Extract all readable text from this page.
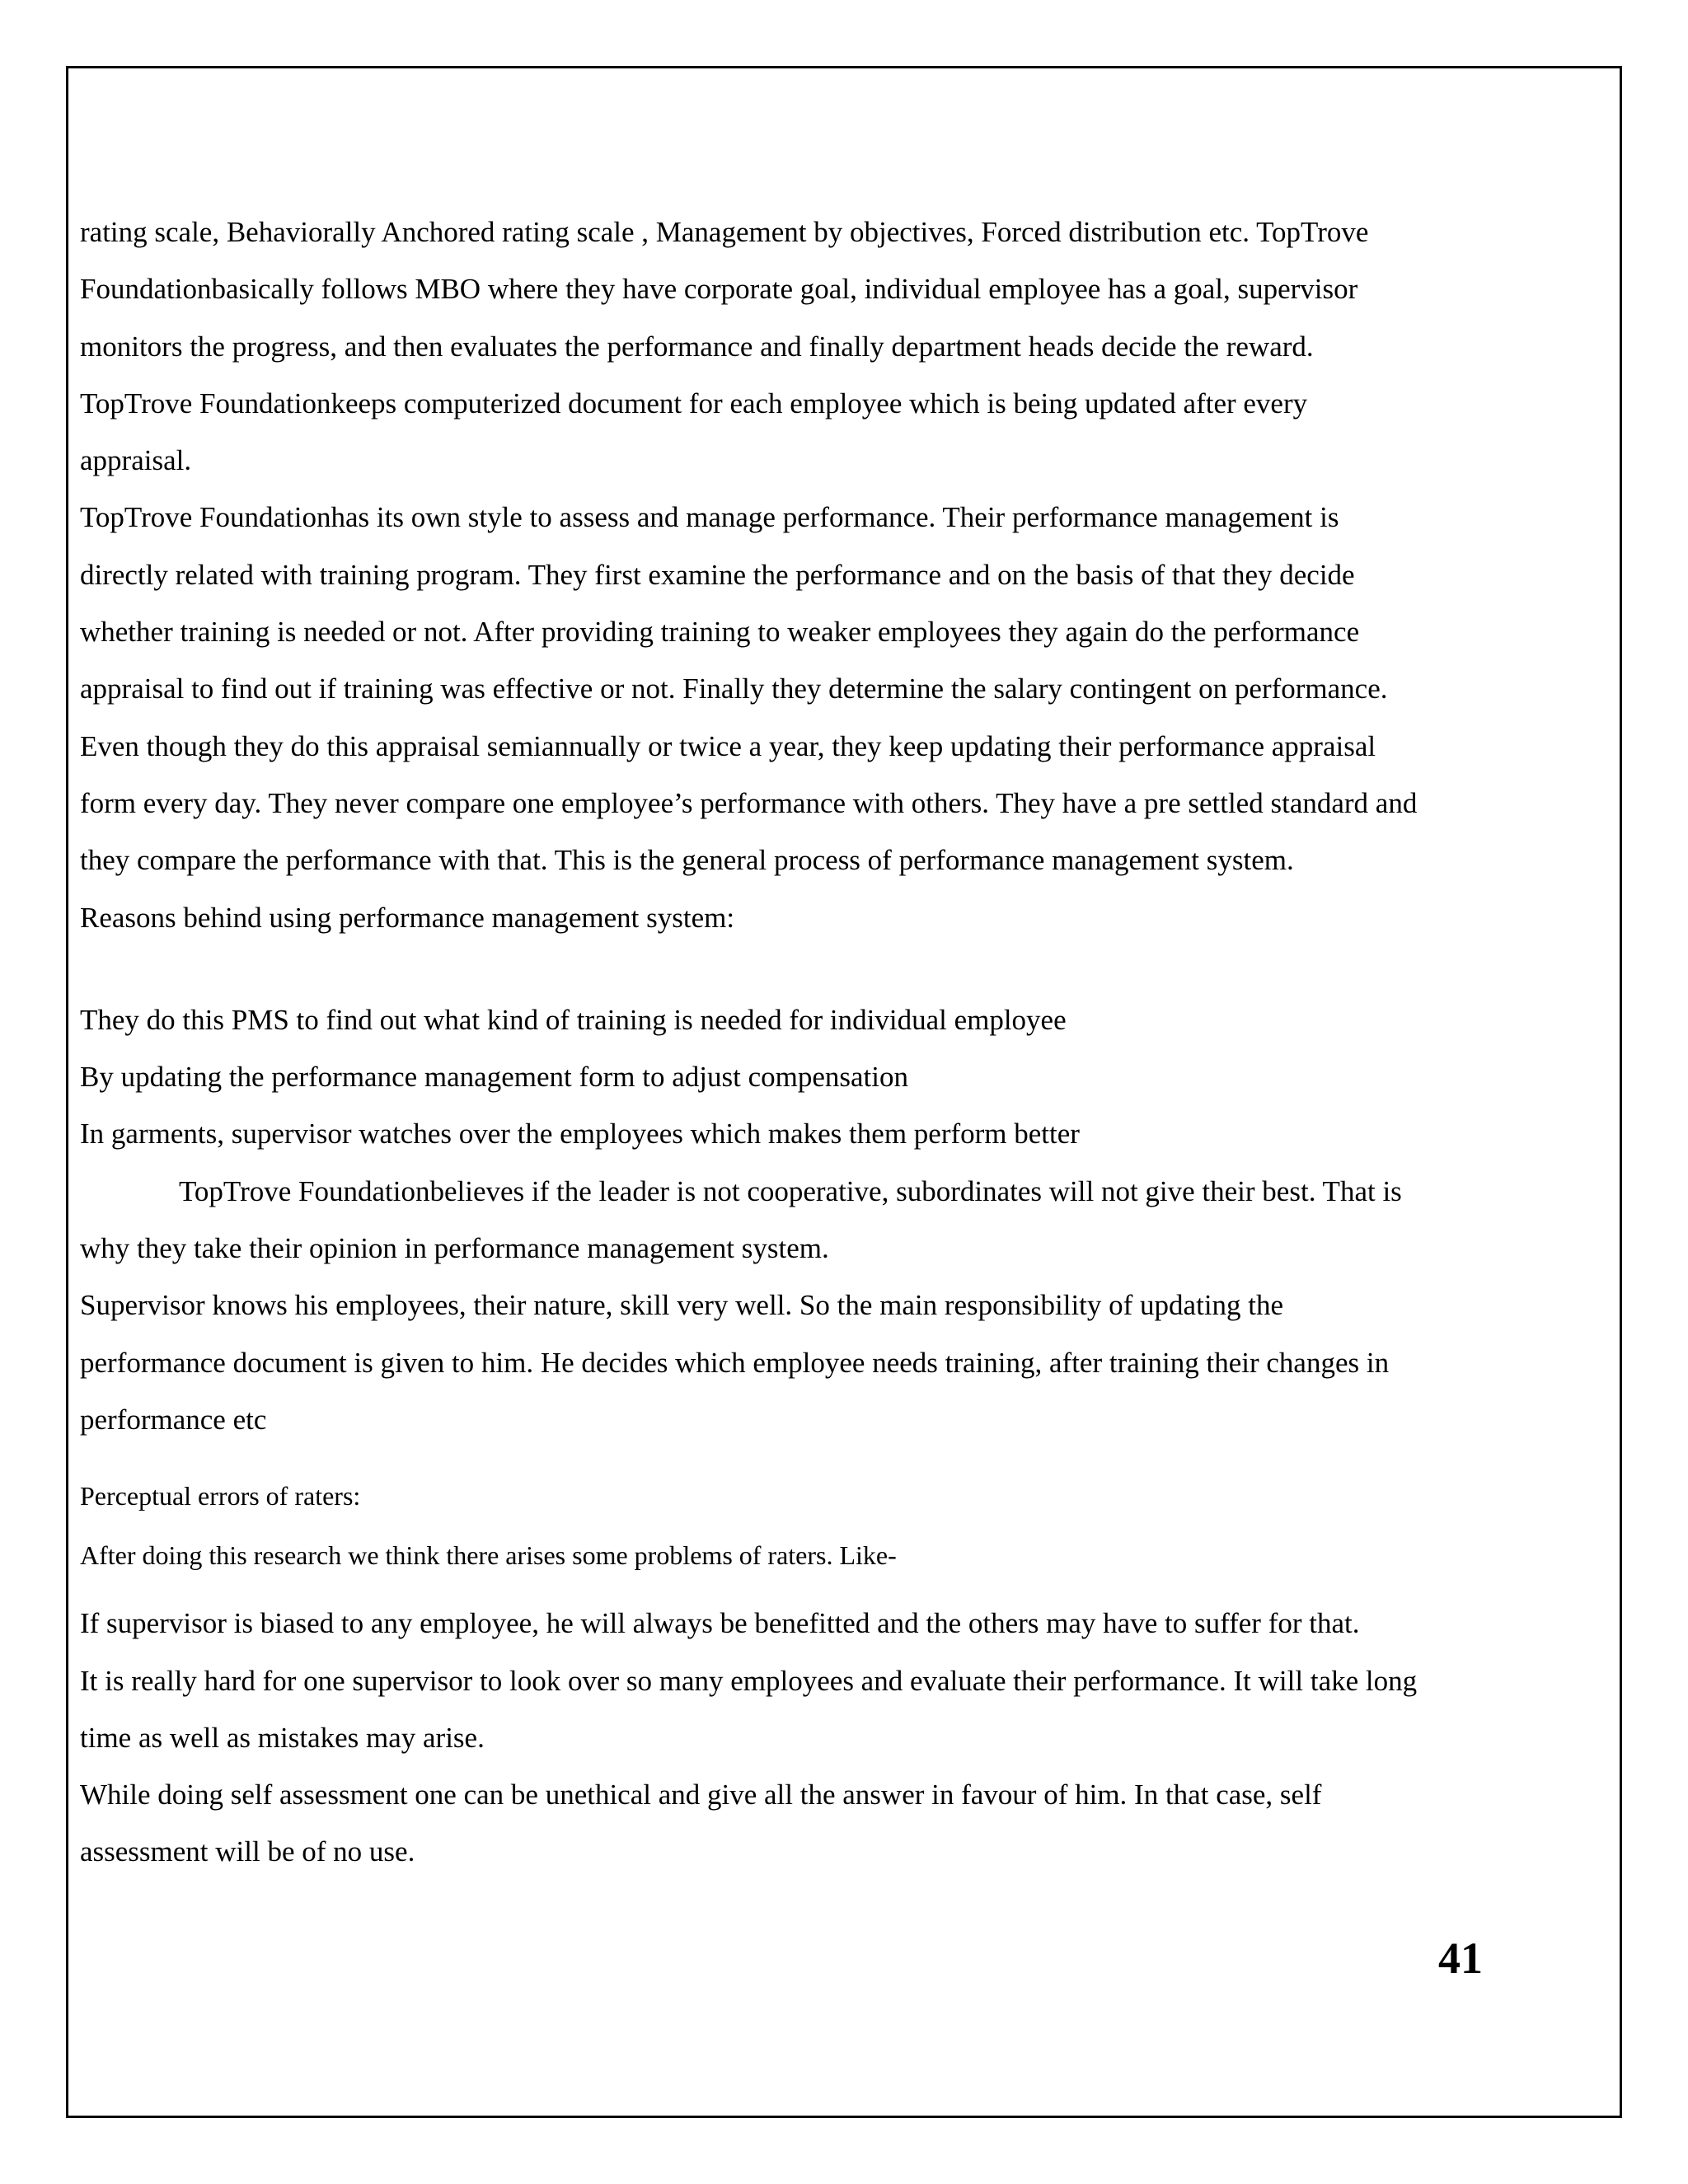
rating scale, Behaviorally Anchored rating scale , Management by objectives, Forced distribution etc. TopTrove

Foundationbasically follows MBO where they have corporate goal, individual employee has a goal, supervisor

monitors the progress, and then evaluates the performance and finally department heads decide the reward.

TopTrove Foundationkeeps computerized document for each employee which is being updated after every

appraisal.

TopTrove Foundationhas its own style to assess and manage performance. Their performance management is

directly related with training program. They first examine the performance and on the basis of that they decide

whether training is needed or not. After providing training to weaker employees they again do the performance

appraisal to find out if training was effective or not. Finally they determine the salary contingent on performance.

Even though they do this appraisal semiannually or twice a year, they keep updating their performance appraisal

form every day. They never compare one employee’s performance with others. They have a pre settled standard and

they compare the performance with that. This is the general process of performance management system.

Reasons behind using performance management system:

They do this PMS to find out what kind of training is needed for individual employee

By updating the performance management form to adjust compensation

In garments, supervisor watches over the employees which makes them perform better

TopTrove Foundationbelieves if the leader is not cooperative, subordinates will not give their best. That is

why they take their opinion in performance management system.

Supervisor knows his employees, their nature, skill very well. So the main responsibility of updating the

performance document is given to him. He decides which employee needs training, after training their changes in

performance etc

Perceptual errors of raters:

After doing this research we think there arises some problems of raters. Like-

If supervisor is biased to any employee, he will always be benefitted and the others may have to suffer for that.

It is really hard for one supervisor to look over so many employees and evaluate their performance. It will take long

time as well as mistakes may arise.

While doing self assessment one can be unethical and give all the answer in favour of him. In that case, self

assessment will be of no use.

41
